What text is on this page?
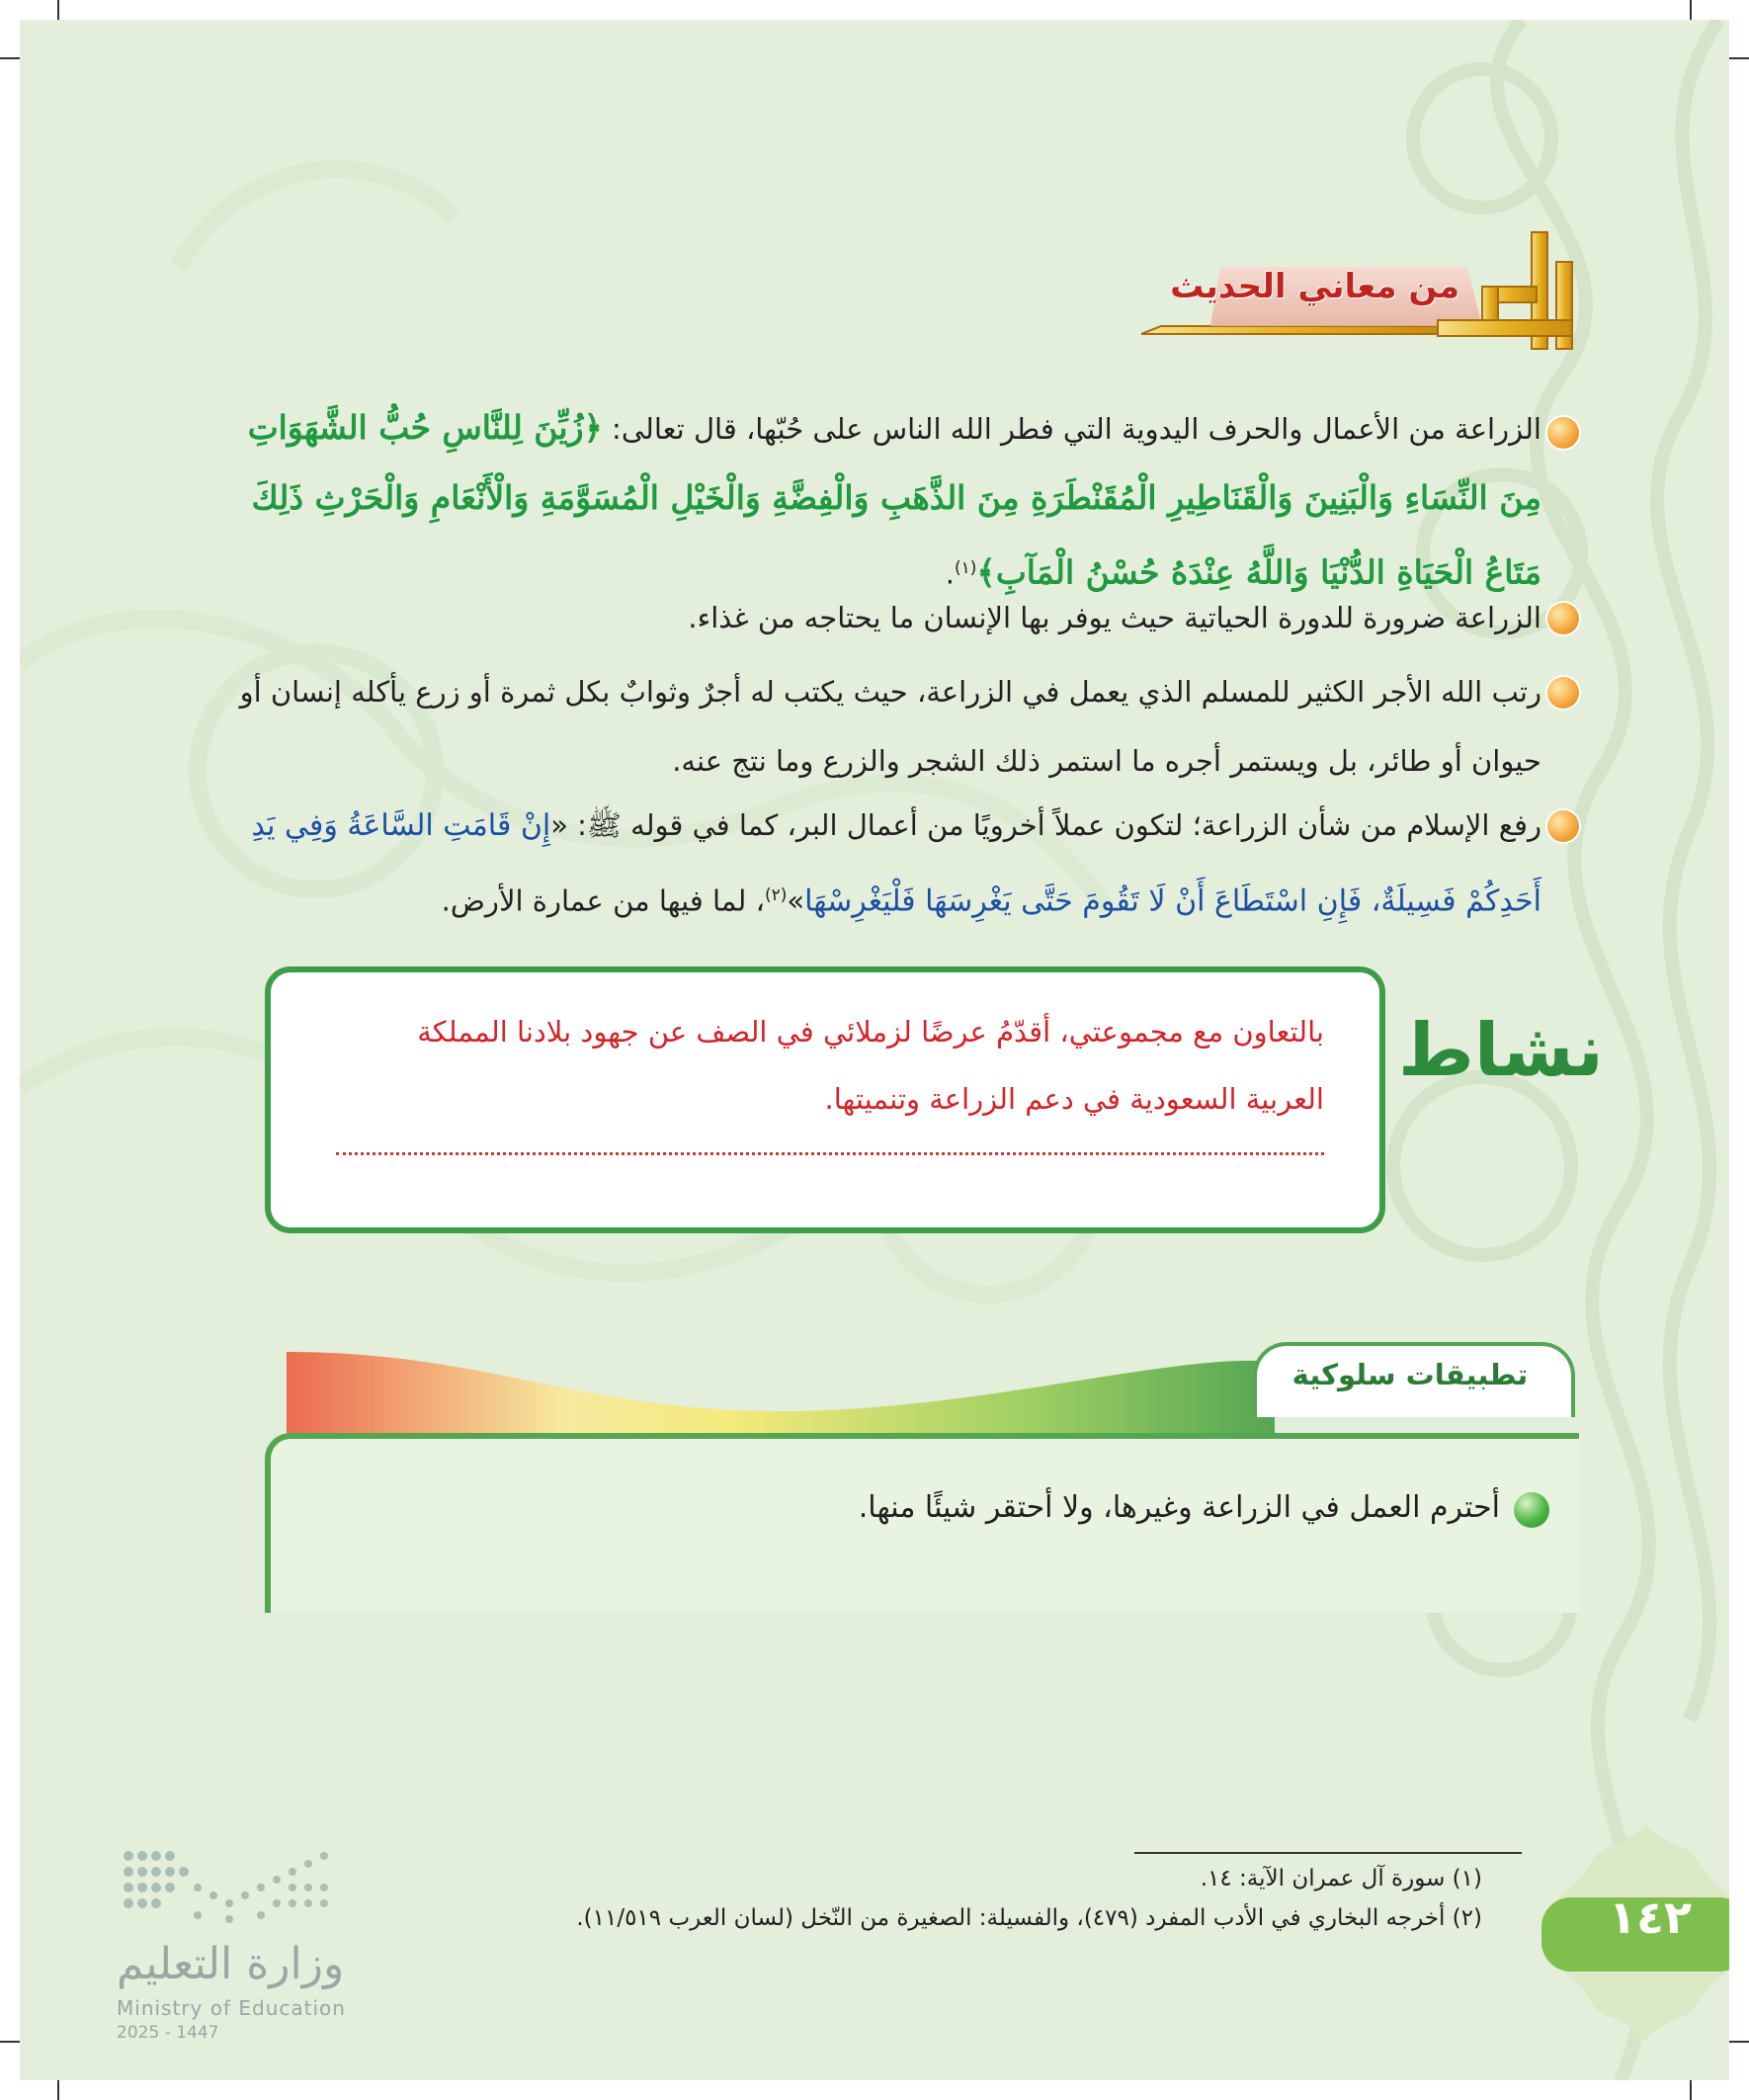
من معاني الحديث
الزراعة من الأعمال والحرف اليدوية التي فطر الله الناس على حُبّها، قال تعالى: ﴿زُيِّنَ لِلنَّاسِ حُبُّ الشَّهَوَاتِ مِنَ النِّسَاءِ وَالْبَنِينَ وَالْقَنَاطِيرِ الْمُقَنْطَرَةِ مِنَ الذَّهَبِ وَالْفِضَّةِ وَالْخَيْلِ الْمُسَوَّمَةِ وَالْأَنْعَامِ وَالْحَرْثِ ذَلِكَ مَتَاعُ الْحَيَاةِ الدُّنْيَا وَاللَّهُ عِنْدَهُ حُسْنُ الْمَآبِ﴾$^{(١)}$.
الزراعة ضرورة للدورة الحياتية حيث يوفر بها الإنسان ما يحتاجه من غذاء.
رتب الله الأجر الكثير للمسلم الذي يعمل في الزراعة، حيث يكتب له أجرٌ وثوابٌ بكل ثمرة أو زرع يأكله إنسان أو حيوان أو طائر، بل ويستمر أجره ما استمر ذلك الشجر والزرع وما نتج عنه.
رفع الإسلام من شأن الزراعة؛ لتكون عملاً أخرويًا من أعمال البر، كما في قوله ﷺ: «إِنْ قَامَتِ السَّاعَةُ وَفِي يَدِ أَحَدِكُمْ فَسِيلَةٌ، فَإِنِ اسْتَطَاعَ أَنْ لَا تَقُومَ حَتَّى يَغْرِسَهَا فَلْيَغْرِسْهَا»$^{(٢)}$، لما فيها من عمارة الأرض.
نشاط
بالتعاون مع مجموعتي، أقدّمُ عرضًا لزملائي في الصف عن جهود بلادنا المملكة العربية السعودية في دعم الزراعة وتنميتها.
تطبيقات سلوكية
أحترم العمل في الزراعة وغيرها، ولا أحتقر شيئًا منها.
(١) سورة آل عمران الآية: ١٤.
(٢) أخرجه البخاري في الأدب المفرد (٤٧٩)، والفسيلة: الصغيرة من النّخل (لسان العرب ١١/٥١٩).	١٤٢
وزارة التعليم
Ministry of Education
2025 - 1447
